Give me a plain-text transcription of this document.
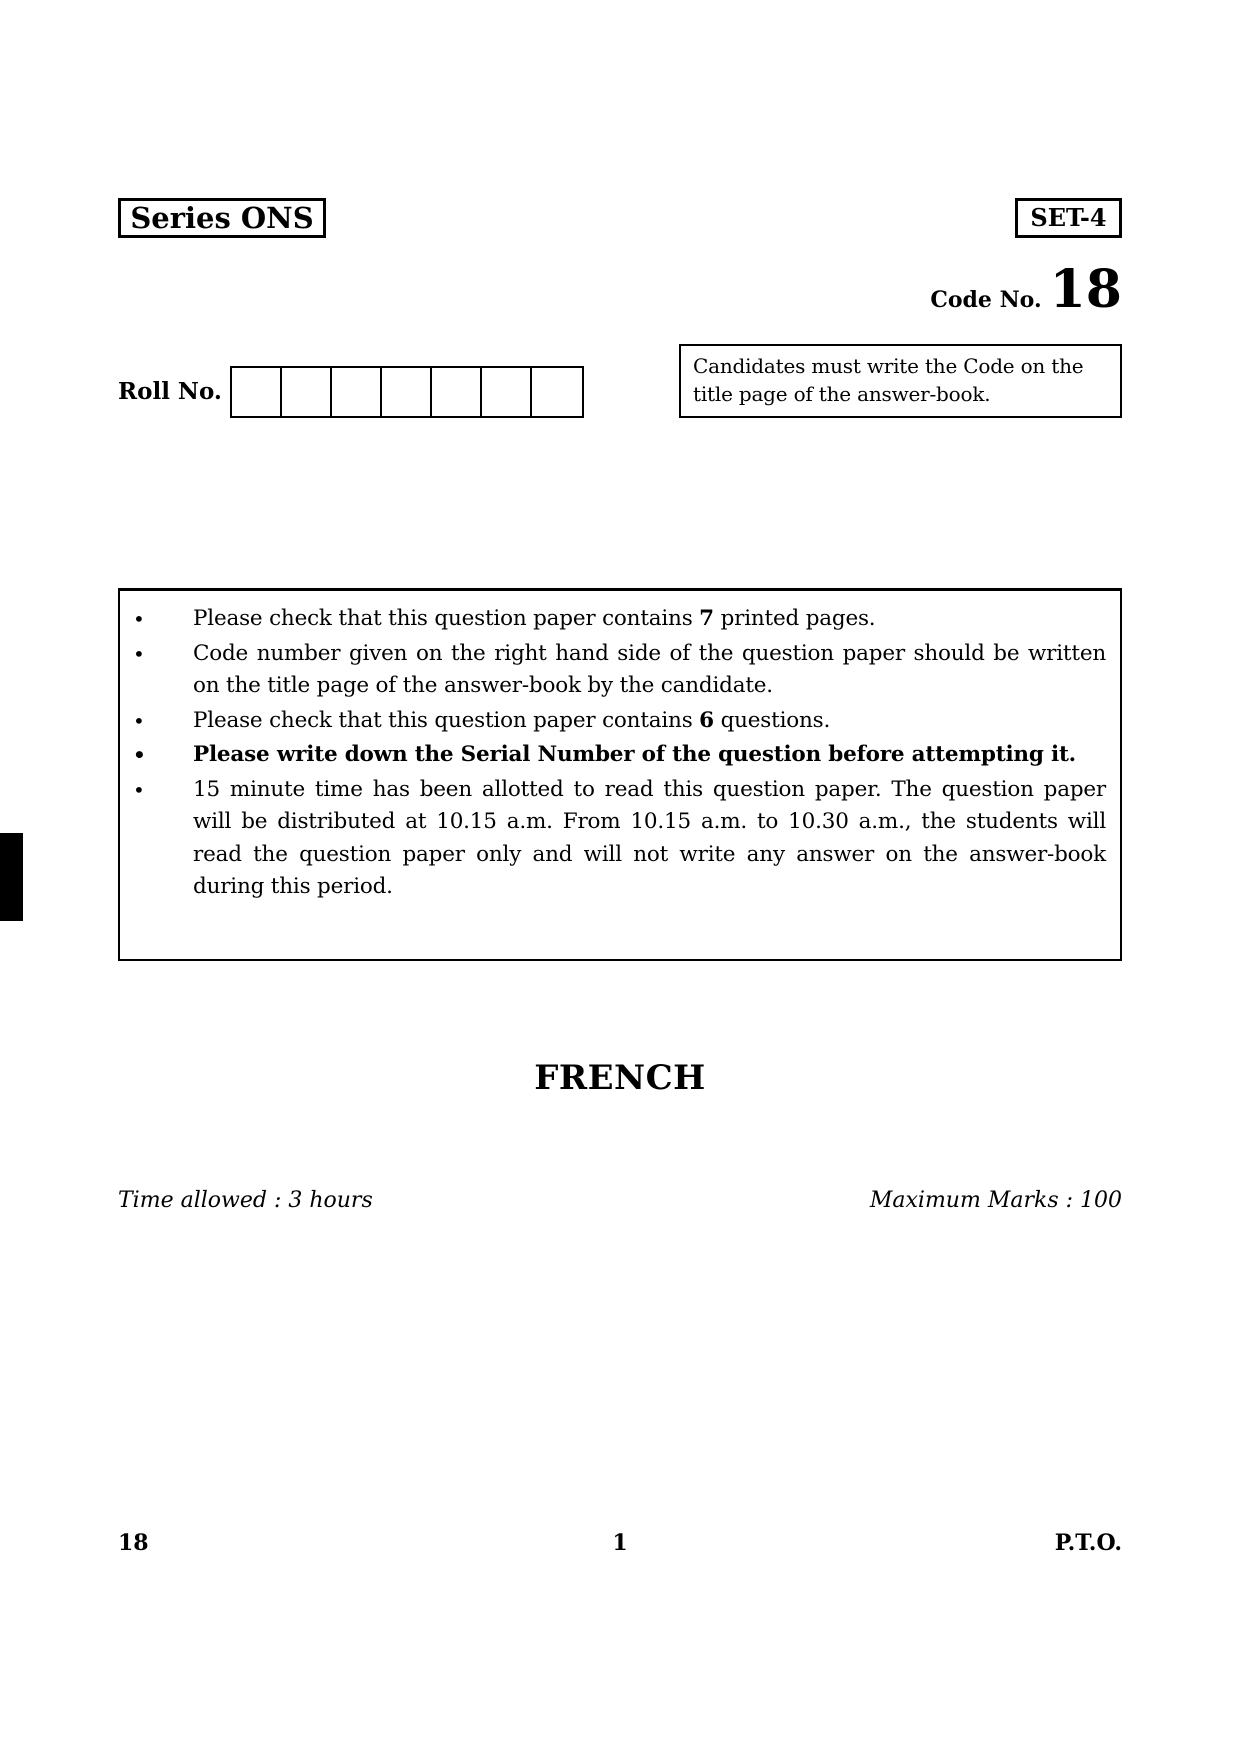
Series ONS	SET-4
Code No. 18
Roll No.
Candidates must write the Code on the title page of the answer-book.
• Please check that this question paper contains 7 printed pages.
• Code number given on the right hand side of the question paper should be written on the title page of the answer-book by the candidate.
• Please check that this question paper contains 6 questions.
• Please write down the Serial Number of the question before attempting it.
• 15 minute time has been allotted to read this question paper. The question paper will be distributed at 10.15 a.m. From 10.15 a.m. to 10.30 a.m., the students will read the question paper only and will not write any answer on the answer-book during this period.
FRENCH
Time allowed : 3 hours	Maximum Marks : 100
18	1	P.T.O.
